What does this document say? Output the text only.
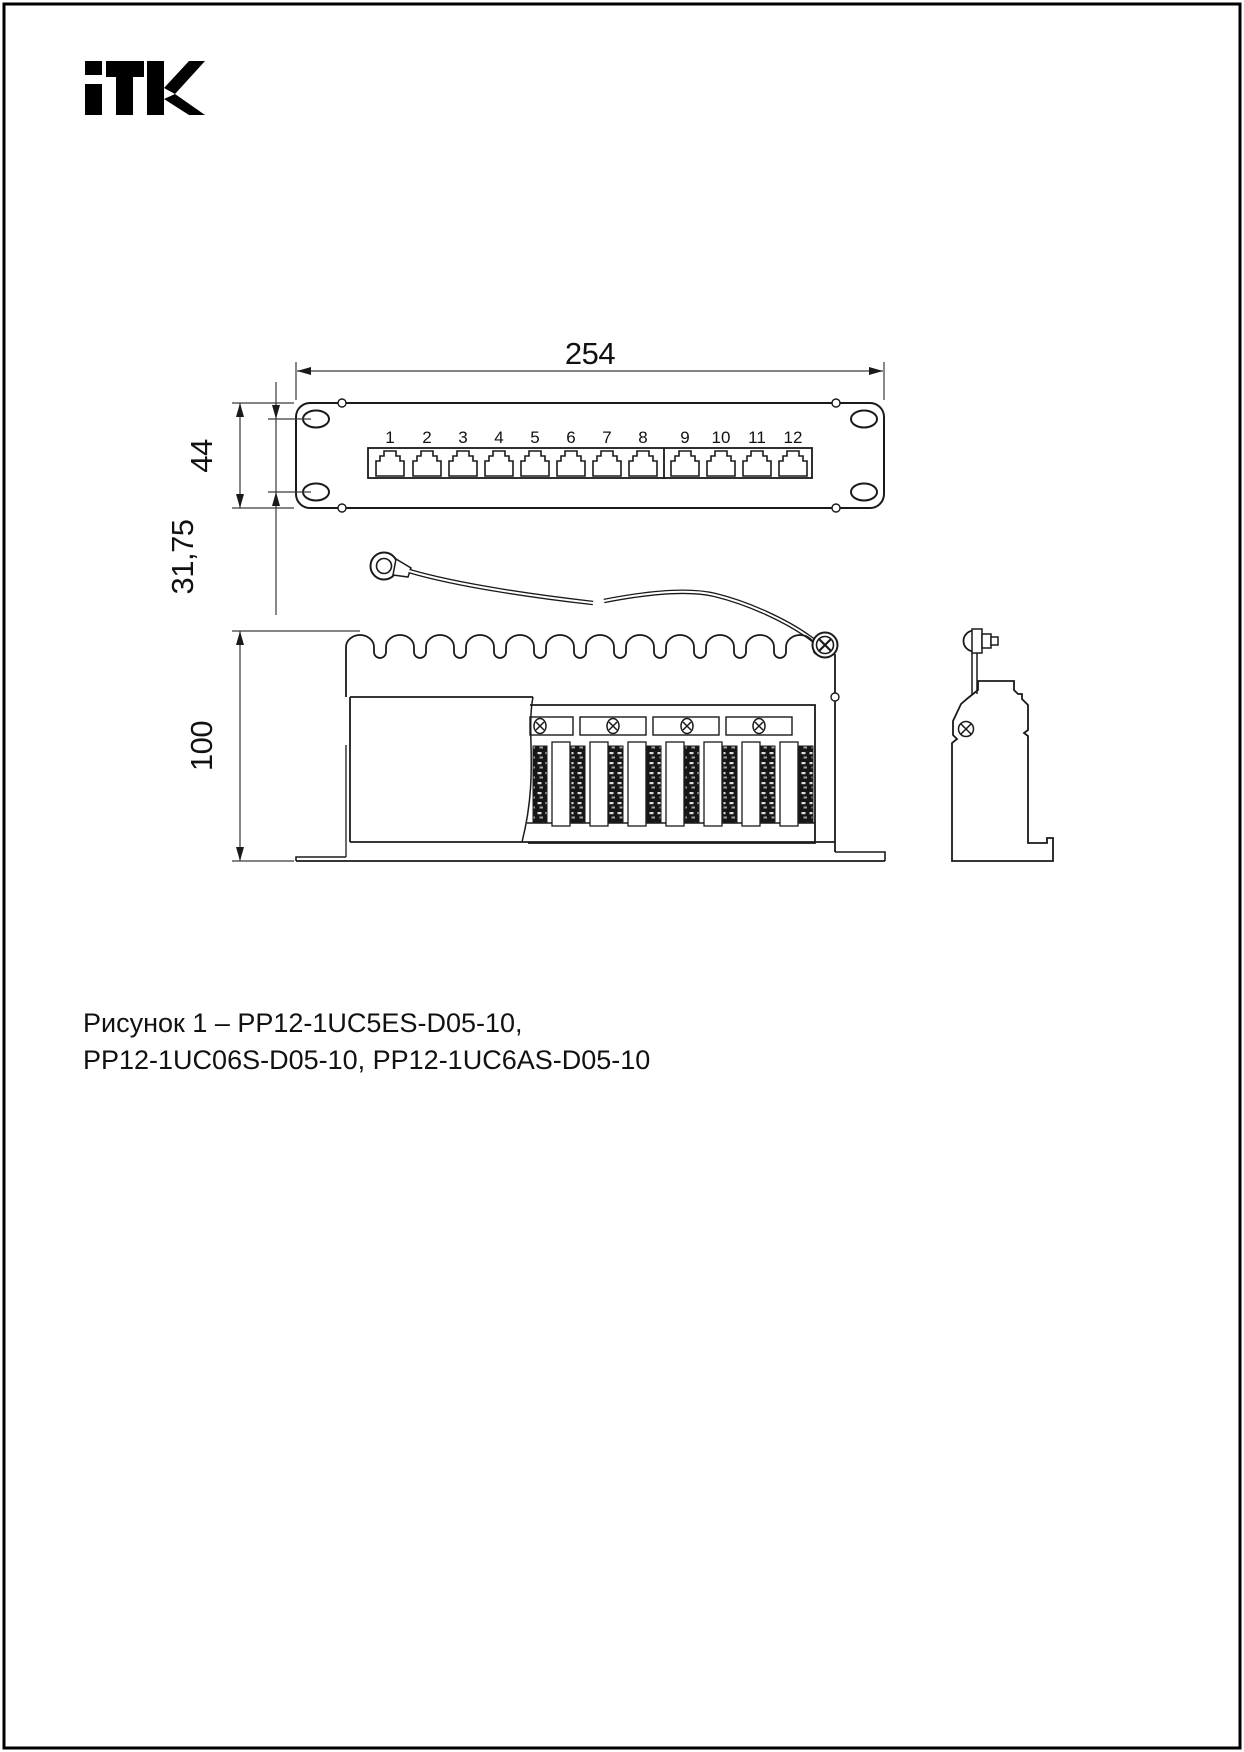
1 2 3 4 5 6 7 8 9 10 11 12
254
44
31,75
100
Рисунок 1 – PP12-1UC5ES-D05-10,
PP12-1UC06S-D05-10, PP12-1UC6AS-D05-10
